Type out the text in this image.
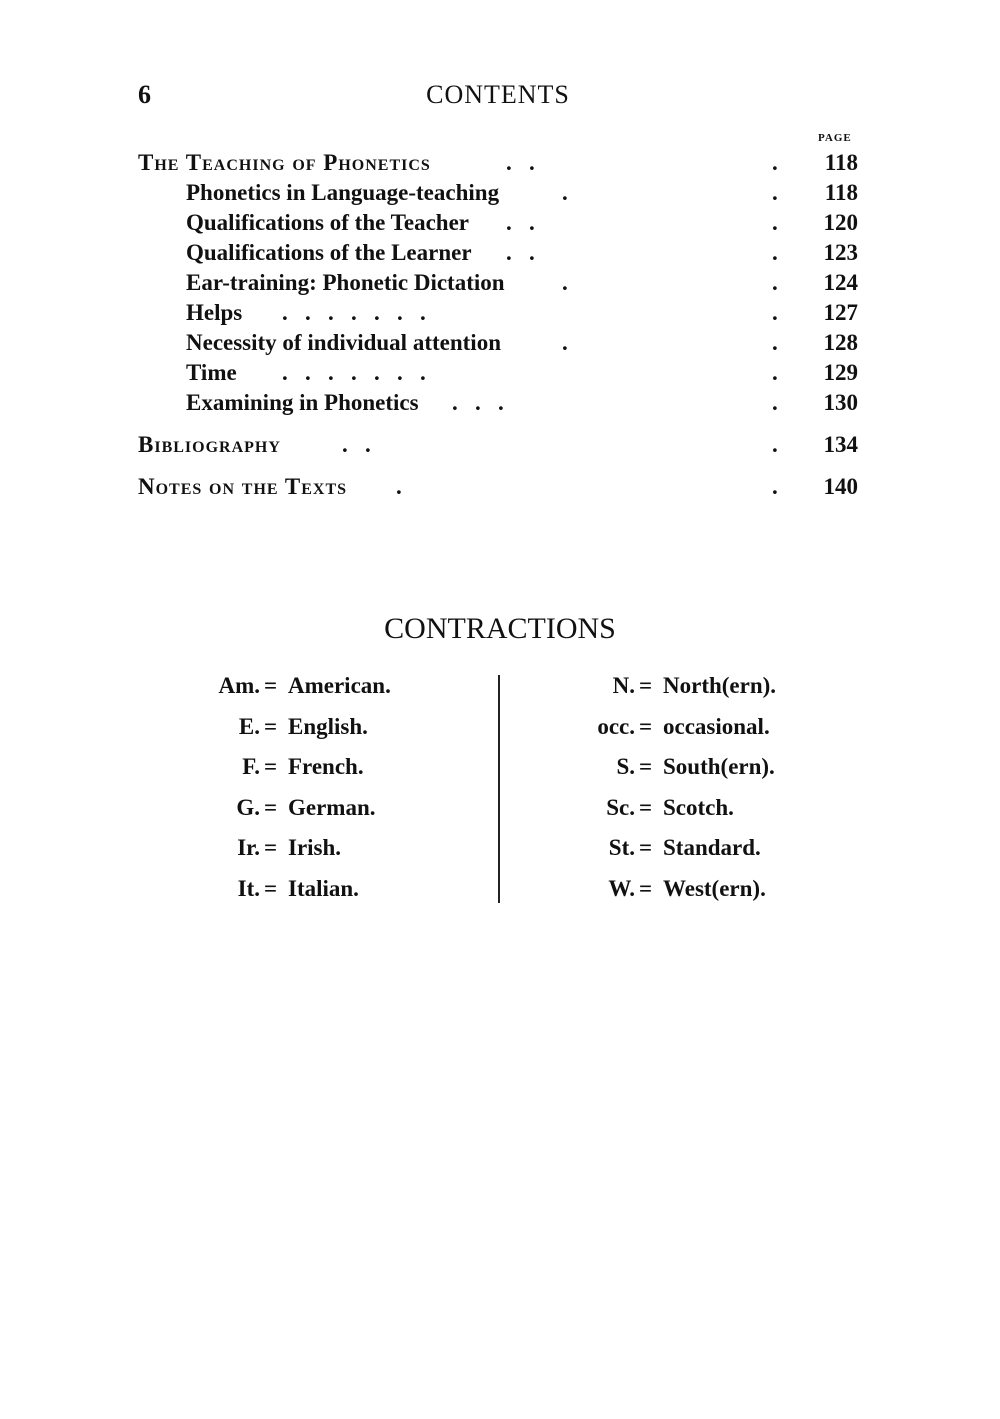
6	CONTENTS
PAGE
The Teaching of Phonetics	.   .	. 118
Phonetics in Language-teaching	.	. 118
Qualifications of the Teacher .   .	. 120
Qualifications of the Learner .   .	. 123
Ear-training: Phonetic Dictation .	. 124
Helps .   .   .   .   .   .   .	. 127
Necessity of individual attention	.	. 128
Time .   .   .   .   .   .   .	. 129
Examining in Phonetics .   .   .	. 130
Bibliography	.   .	. 134
Notes on the Texts .	. 140
CONTRACTIONS
Am. = American.
E. = English.
F. = French.
G. = German.
Ir. = Irish.
It. = Italian.
N. = North(ern).
occ. = occasional.
S. = South(ern).
Sc. = Scotch.
St. = Standard.
W. = West(ern).
